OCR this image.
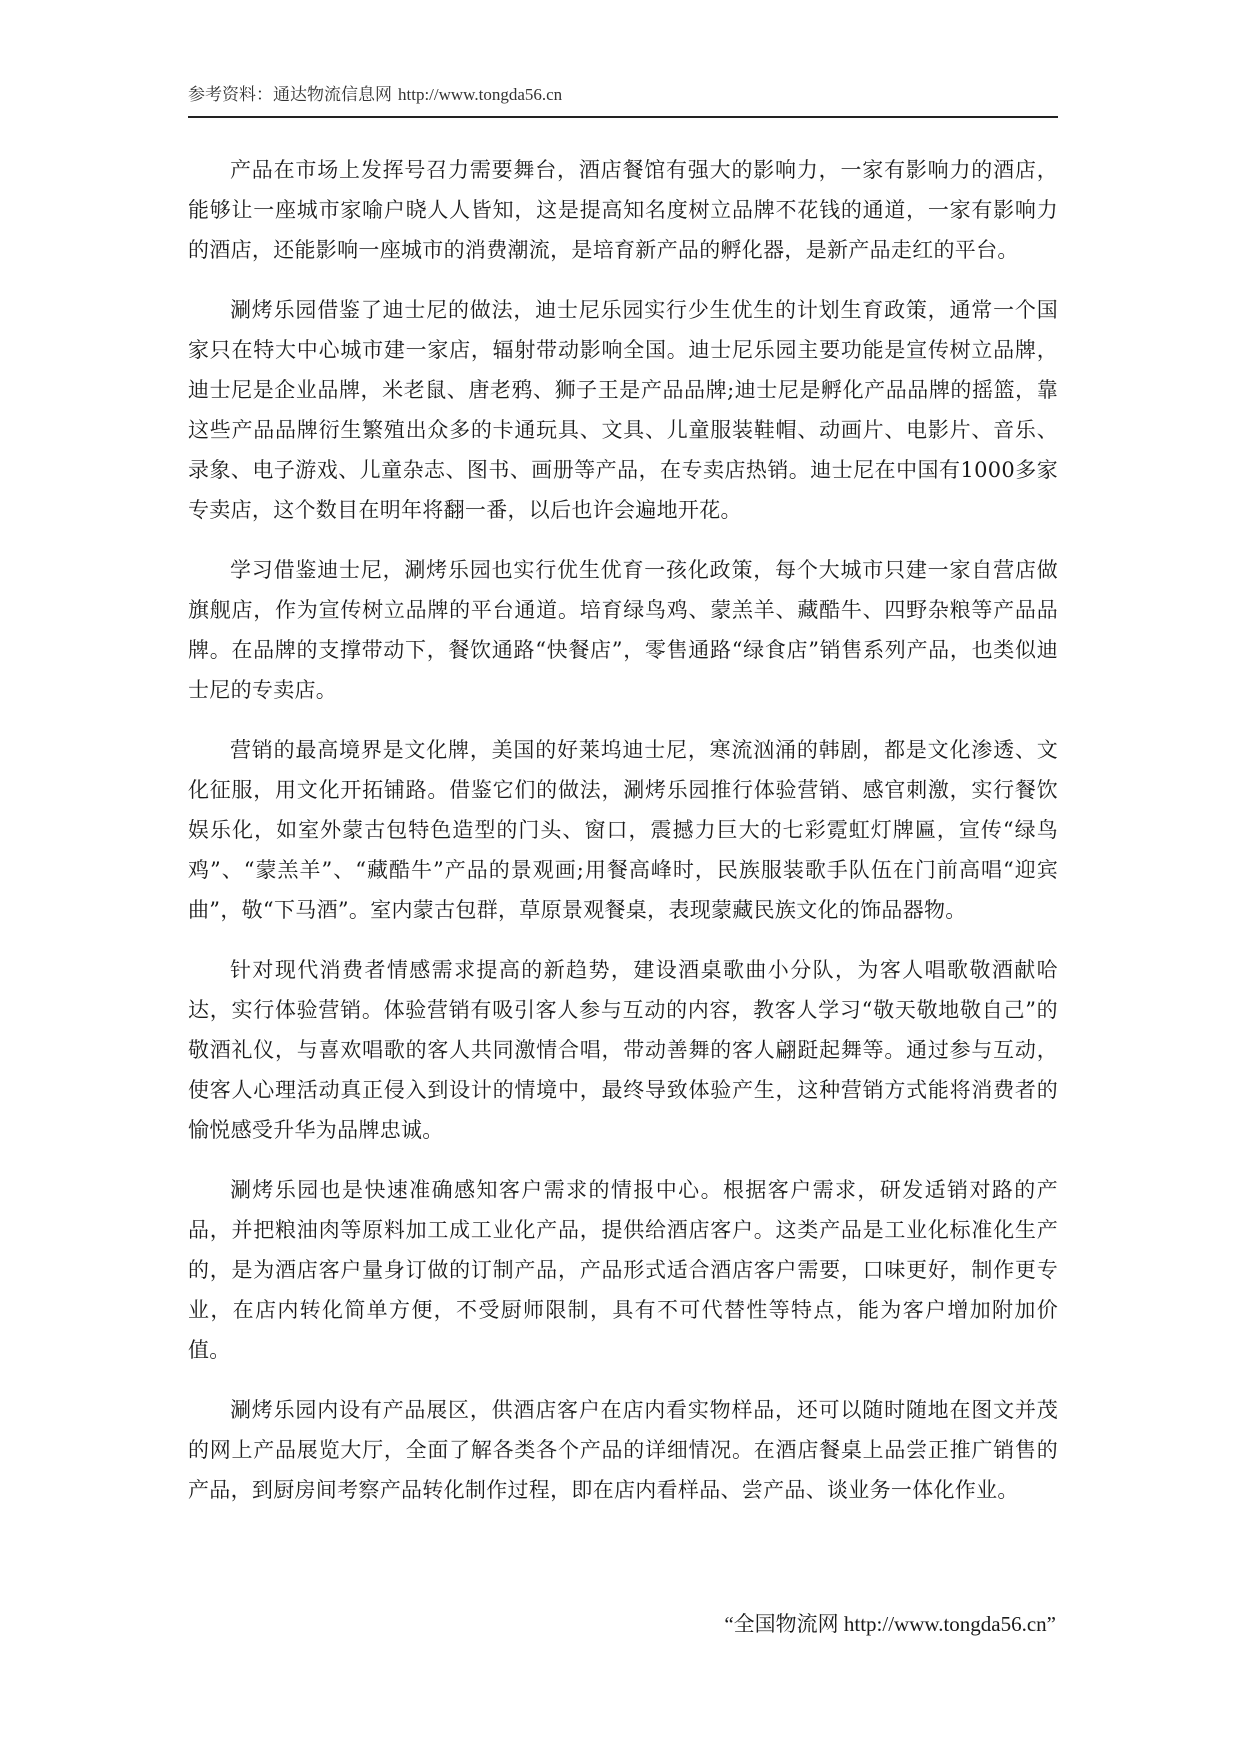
参考资料：通达物流信息网 http://www.tongda56.cn

产品在市场上发挥号召力需要舞台，酒店餐馆有强大的影响力，一家有影响力的酒店，能够让一座城市家喻户晓人人皆知，这是提高知名度树立品牌不花钱的通道，一家有影响力的酒店，还能影响一座城市的消费潮流，是培育新产品的孵化器，是新产品走红的平台。

涮烤乐园借鉴了迪士尼的做法，迪士尼乐园实行少生优生的计划生育政策，通常一个国家只在特大中心城市建一家店，辐射带动影响全国。迪士尼乐园主要功能是宣传树立品牌，迪士尼是企业品牌，米老鼠、唐老鸦、狮子王是产品品牌;迪士尼是孵化产品品牌的摇篮，靠这些产品品牌衍生繁殖出众多的卡通玩具、文具、儿童服装鞋帽、动画片、电影片、音乐、录象、电子游戏、儿童杂志、图书、画册等产品，在专卖店热销。迪士尼在中国有1000多家专卖店，这个数目在明年将翻一番，以后也许会遍地开花。

学习借鉴迪士尼，涮烤乐园也实行优生优育一孩化政策，每个大城市只建一家自营店做旗舰店，作为宣传树立品牌的平台通道。培育绿鸟鸡、蒙羔羊、藏酷牛、四野杂粮等产品品牌。在品牌的支撑带动下，餐饮通路“快餐店”，零售通路“绿食店”销售系列产品，也类似迪士尼的专卖店。

营销的最高境界是文化牌，美国的好莱坞迪士尼，寒流汹涌的韩剧，都是文化渗透、文化征服，用文化开拓铺路。借鉴它们的做法，涮烤乐园推行体验营销、感官刺激，实行餐饮娱乐化，如室外蒙古包特色造型的门头、窗口，震撼力巨大的七彩霓虹灯牌匾，宣传“绿鸟鸡”、“蒙羔羊”、“藏酷牛”产品的景观画;用餐高峰时，民族服装歌手队伍在门前高唱“迎宾曲”，敬“下马酒”。室内蒙古包群，草原景观餐桌，表现蒙藏民族文化的饰品器物。

针对现代消费者情感需求提高的新趋势，建设酒桌歌曲小分队，为客人唱歌敬酒献哈达，实行体验营销。体验营销有吸引客人参与互动的内容，教客人学习“敬天敬地敬自己”的敬酒礼仪，与喜欢唱歌的客人共同激情合唱，带动善舞的客人翩跹起舞等。通过参与互动，使客人心理活动真正侵入到设计的情境中，最终导致体验产生，这种营销方式能将消费者的愉悦感受升华为品牌忠诚。

涮烤乐园也是快速准确感知客户需求的情报中心。根据客户需求，研发适销对路的产品，并把粮油肉等原料加工成工业化产品，提供给酒店客户。这类产品是工业化标准化生产的，是为酒店客户量身订做的订制产品，产品形式适合酒店客户需要，口味更好，制作更专业，在店内转化简单方便，不受厨师限制，具有不可代替性等特点，能为客户增加附加价值。

涮烤乐园内设有产品展区，供酒店客户在店内看实物样品，还可以随时随地在图文并茂的网上产品展览大厅，全面了解各类各个产品的详细情况。在酒店餐桌上品尝正推广销售的产品，到厨房间考察产品转化制作过程，即在店内看样品、尝产品、谈业务一体化作业。

“全国物流网 http://www.tongda56.cn”
